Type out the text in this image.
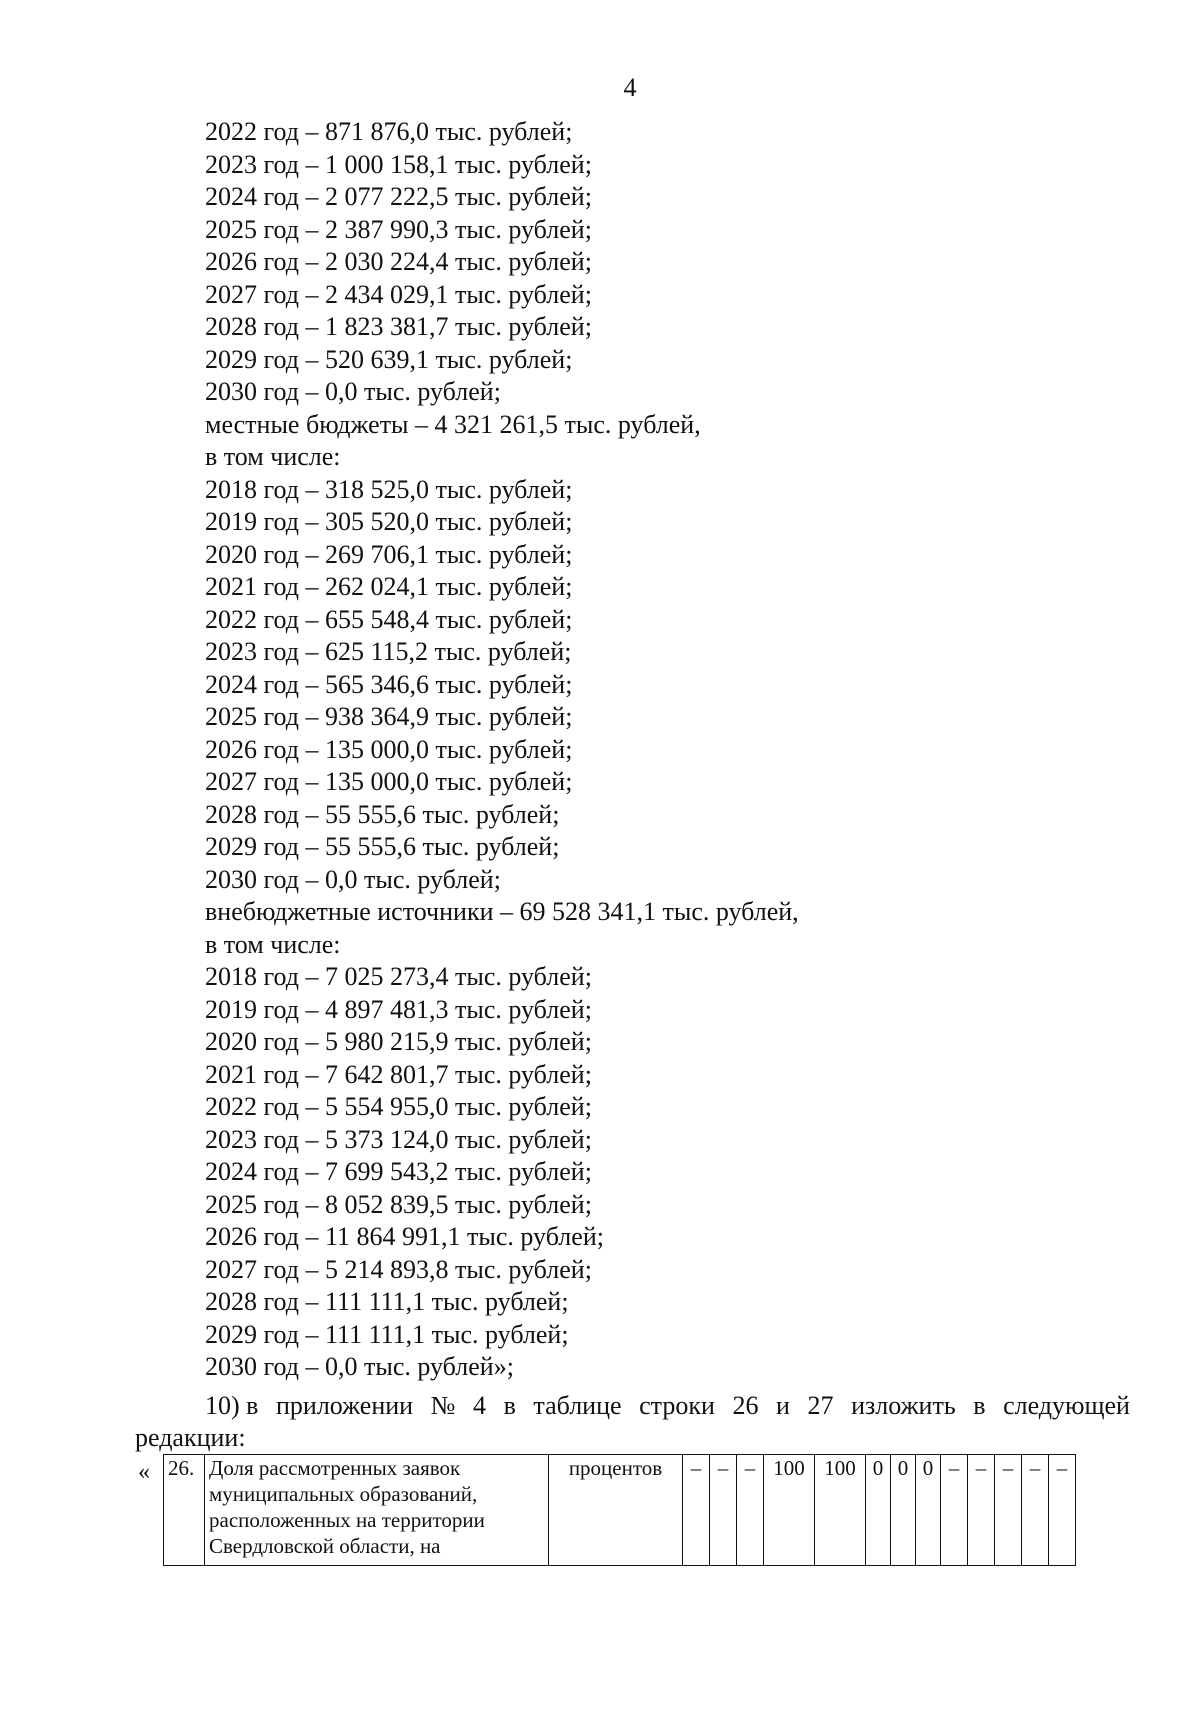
4
2022 год – 871 876,0 тыс. рублей;
2023 год – 1 000 158,1 тыс. рублей;
2024 год – 2 077 222,5 тыс. рублей;
2025 год – 2 387 990,3 тыс. рублей;
2026 год – 2 030 224,4 тыс. рублей;
2027 год – 2 434 029,1 тыс. рублей;
2028 год – 1 823 381,7 тыс. рублей;
2029 год – 520 639,1 тыс. рублей;
2030 год – 0,0 тыс. рублей;
местные бюджеты – 4 321 261,5 тыс. рублей,
в том числе:
2018 год – 318 525,0 тыс. рублей;
2019 год – 305 520,0 тыс. рублей;
2020 год – 269 706,1 тыс. рублей;
2021 год – 262 024,1 тыс. рублей;
2022 год – 655 548,4 тыс. рублей;
2023 год – 625 115,2 тыс. рублей;
2024 год – 565 346,6 тыс. рублей;
2025 год – 938 364,9 тыс. рублей;
2026 год – 135 000,0 тыс. рублей;
2027 год – 135 000,0 тыс. рублей;
2028 год – 55 555,6 тыс. рублей;
2029 год – 55 555,6 тыс. рублей;
2030 год – 0,0 тыс. рублей;
внебюджетные источники – 69 528 341,1 тыс. рублей,
в том числе:
2018 год – 7 025 273,4 тыс. рублей;
2019 год – 4 897 481,3 тыс. рублей;
2020 год – 5 980 215,9 тыс. рублей;
2021 год – 7 642 801,7 тыс. рублей;
2022 год – 5 554 955,0 тыс. рублей;
2023 год – 5 373 124,0 тыс. рублей;
2024 год – 7 699 543,2 тыс. рублей;
2025 год – 8 052 839,5 тыс. рублей;
2026 год – 11 864 991,1 тыс. рублей;
2027 год – 5 214 893,8 тыс. рублей;
2028 год – 111 111,1 тыс. рублей;
2029 год – 111 111,1 тыс. рублей;
2030 год – 0,0 тыс. рублей»;
10) в приложении № 4 в таблице строки 26 и 27 изложить в следующей
редакции:
« 26.	Доля рассмотренных заявок муниципальных образований, расположенных на территории Свердловской области, на	процентов	–	–	–	100	100	0	0	0	–	–	–	–	–
